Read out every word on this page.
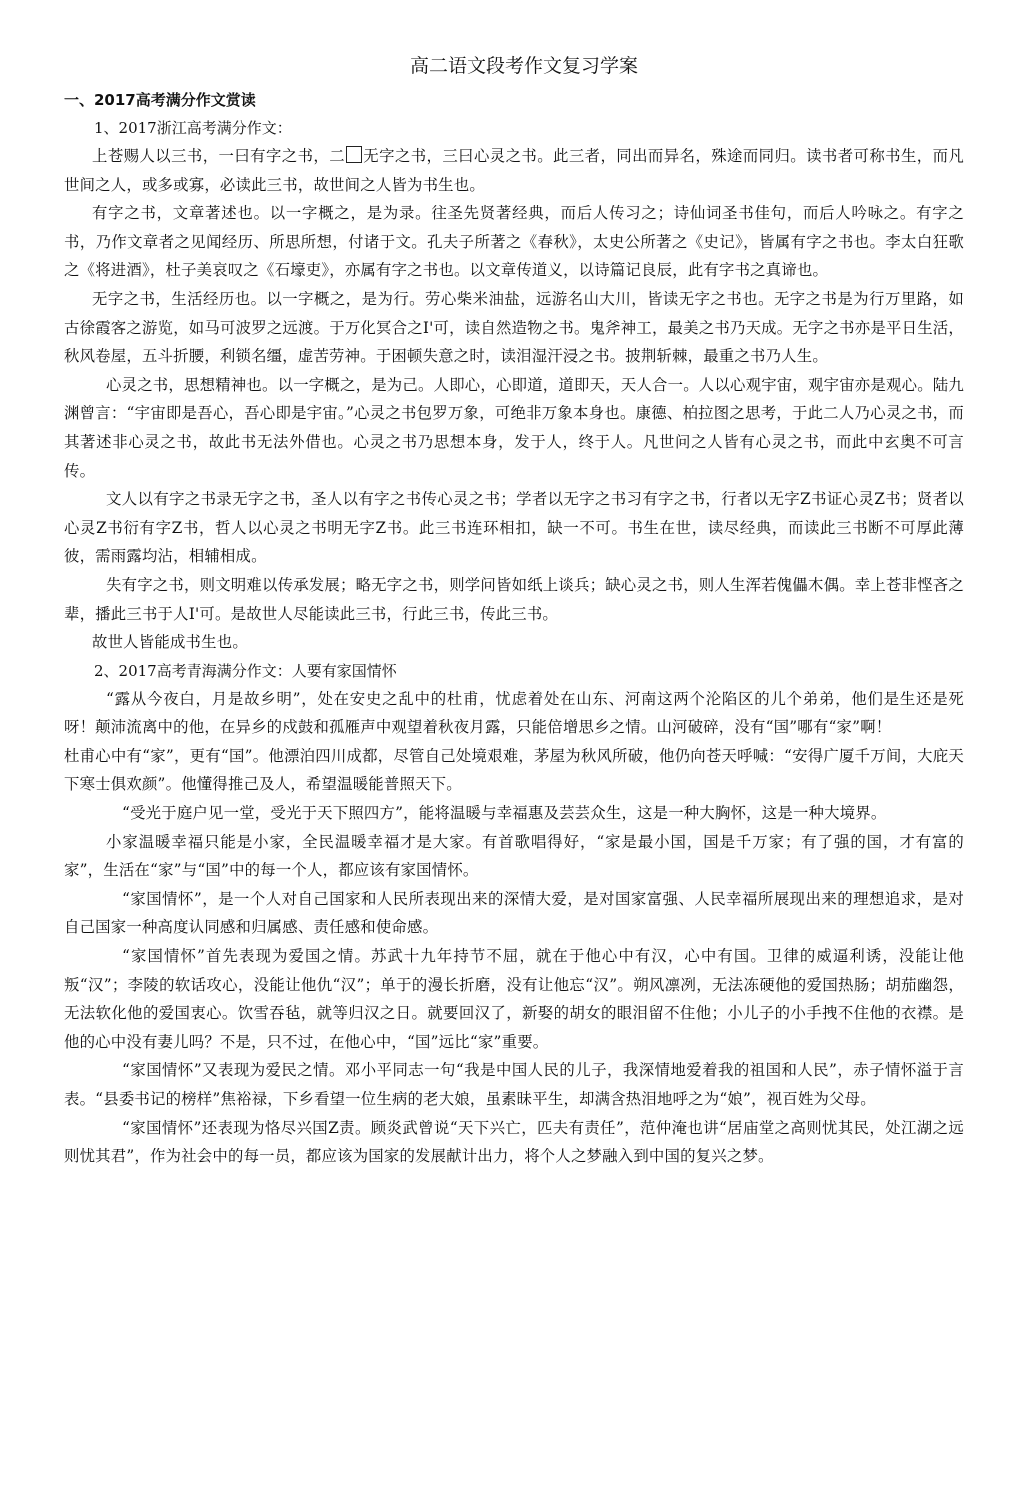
高二语文段考作文复习学案

一、2017高考满分作文赏读

1、2017浙江高考满分作文：

上苍赐人以三书，一曰有字之书，二 无字之书，三曰心灵之书。此三者，同出而异名，殊途而同归。读书者可称书生，而凡世间之人，或多或寡，必读此三书，故世间之人皆为书生也。

有字之书，文章著述也。以一字概之，是为录。往圣先贤著经典，而后人传习之；诗仙词圣书佳句，而后人吟咏之。有字之书，乃作文章者之见闻经历、所思所想，付诸于文。孔夫子所著之《春秋》，太史公所著之《史记》，皆属有字之书也。李太白狂歌之《将进酒》，杜子美哀叹之《石壕吏》，亦属有字之书也。以文章传道义，以诗篇记良辰，此有字书之真谛也。

无字之书，生活经历也。以一字概之，是为行。劳心柴米油盐，远游名山大川，皆读无字之书也。无字之书是为行万里路，如古徐霞客之游览，如马可波罗之远渡。于万化冥合之I'可，读自然造物之书。鬼斧神工，最美之书乃天成。无字之书亦是平日生活，秋风卷屋，五斗折腰，利锁名缰，虚苦劳神。于困顿失意之时，读泪湿汗浸之书。披荆斩棘，最重之书乃人生。

心灵之书，思想精神也。以一字概之，是为己。人即心，心即道，道即天，天人合一。人以心观宇宙，观宇宙亦是观心。陆九渊曾言：“宇宙即是吾心，吾心即是宇宙。”心灵之书包罗万象，可绝非万象本身也。康德、柏拉图之思考，于此二人乃心灵之书，而其著述非心灵之书，故此书无法外借也。心灵之书乃思想本身，发于人，终于人。凡世问之人皆有心灵之书，而此中玄奥不可言传。

文人以有字之书录无字之书，圣人以有字之书传心灵之书；学者以无字之书习有字之书，行者以无字Z书证心灵Z书；贤者以心灵Z书衍有字Z书，哲人以心灵之书明无字Z书。此三书连环相扣，缺一不可。书生在世，读尽经典，而读此三书断不可厚此薄彼，需雨露均沾，相辅相成。

失有字之书，则文明难以传承发展；略无字之书，则学问皆如纸上谈兵；缺心灵之书，则人生浑若傀儡木偶。幸上苍非悭吝之辈，播此三书于人I'可。是故世人尽能读此三书，行此三书，传此三书。

故世人皆能成书生也。

2、2017高考青海满分作文：人要有家国情怀

“露从今夜白，月是故乡明”，处在安史之乱中的杜甫，忧虑着处在山东、河南这两个沦陷区的儿个弟弟，他们是生还是死呀！颠沛流离中的他，在异乡的戍鼓和孤雁声中观望着秋夜月露，只能倍增思乡之情。山河破碎，没有“国”哪有“家”啊！

杜甫心中有“家”，更有“国”。他漂泊四川成都，尽管自己处境艰难，茅屋为秋风所破，他仍向苍天呼喊：“安得广厦千万间，大庇天下寒士俱欢颜”。他懂得推己及人，希望温暖能普照天下。

“受光于庭户见一堂，受光于天下照四方”，能将温暖与幸福惠及芸芸众生，这是一种大胸怀，这是一种大境界。

小家温暖幸福只能是小家，全民温暖幸福才是大家。有首歌唱得好，“家是最小国，国是千万家；有了强的国，才有富的家”，生活在“家”与“国”中的每一个人，都应该有家国情怀。

“家国情怀”，是一个人对自己国家和人民所表现出来的深情大爱，是对国家富强、人民幸福所展现出来的理想追求，是对自己国家一种高度认同感和归属感、责任感和使命感。

“家国情怀”首先表现为爱国之情。苏武十九年持节不屈，就在于他心中有汉，心中有国。卫律的威逼利诱，没能让他叛“汉”；李陵的软话攻心，没能让他仇“汉”；单于的漫长折磨，没有让他忘“汉”。朔风凛冽，无法冻硬他的爱国热肠；胡茄幽怨，无法软化他的爱国衷心。饮雪吞毡，就等归汉之日。就要回汉了，新娶的胡女的眼泪留不住他；小儿子的小手拽不住他的衣襟。是他的心中没有妻儿吗？不是，只不过，在他心中，“国”远比“家”重要。

“家国情怀”又表现为爱民之情。邓小平同志一句“我是中国人民的儿子，我深情地爱着我的祖国和人民”，赤子情怀溢于言表。“县委书记的榜样”焦裕禄，下乡看望一位生病的老大娘，虽素昧平生，却满含热泪地呼之为“娘”，视百姓为父母。

“家国情怀”还表现为恪尽兴国Z责。顾炎武曾说“天下兴亡，匹夫有责任”，范仲淹也讲“居庙堂之高则忧其民，处江湖之远则忧其君”，作为社会中的每一员，都应该为国家的发展献计出力，将个人之梦融入到中国的复兴之梦。
